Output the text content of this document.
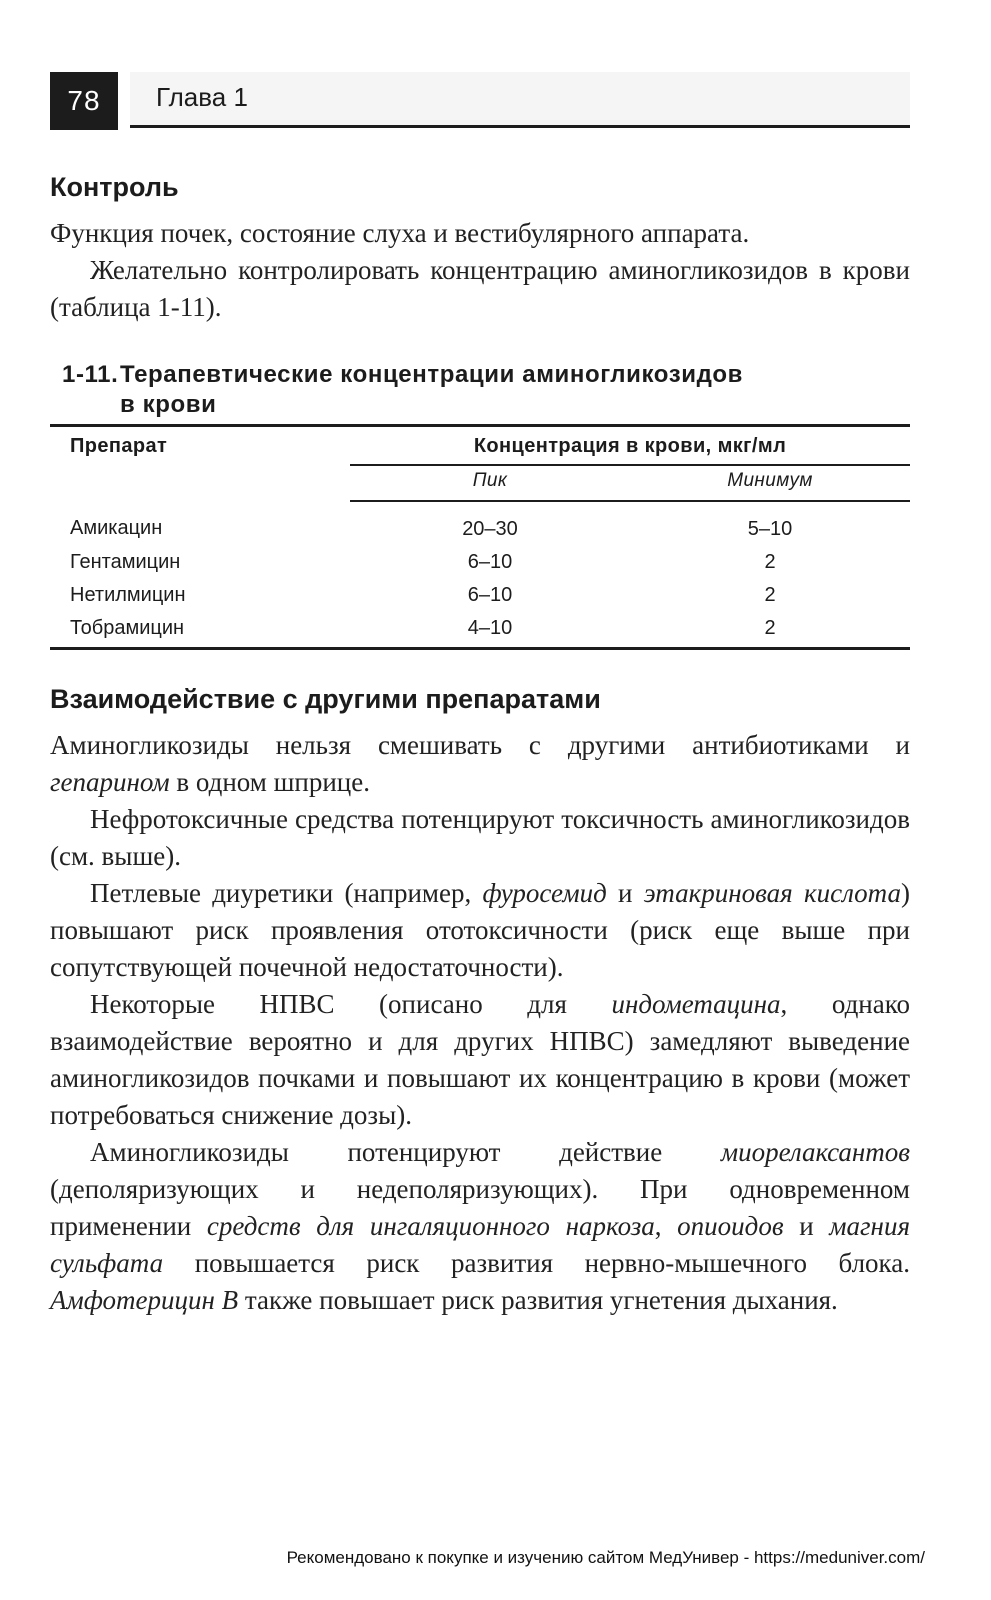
78	Глава 1
Контроль

Функция почек, состояние слуха и вестибулярного аппарата.

Желательно контролировать концентрацию аминогликозидов в крови (таблица 1-11).

1-11.Терапевтические концентрации аминогликозидов
в крови

Препарат	Концентрация в крови, мкг/мл	
	Пик	Минимум
Амикацин	20–30	5–10
Гентамицин	6–10	2
Нетилмицин	6–10	2
Тобрамицин	4–10	2
Взаимодействие с другими препаратами

Аминогликозиды нельзя смешивать с другими антибиотиками и гепарином в одном шприце.

Нефротоксичные средства потенцируют токсичность аминогликозидов (см. выше).

Петлевые диуретики (например, фуросемид и этакриновая кислота) повышают риск проявления ототоксичности (риск еще выше при сопутствующей почечной недостаточности).

Некоторые НПВС (описано для индометацина, однако взаимодействие вероятно и для других НПВС) замедляют выведение аминогликозидов почками и повышают их концентрацию в крови (может потребоваться снижение дозы).

Аминогликозиды потенцируют действие миорелаксантов (деполяризующих и недеполяризующих). При одновременном применении средств для ингаляционного наркоза, опиоидов и магния сульфата повышается риск развития нервно-мышечного блока. Амфотерицин В также повышает риск развития угнетения дыхания.

Рекомендовано к покупке и изучению сайтом МедУнивер - https://meduniver.com/
